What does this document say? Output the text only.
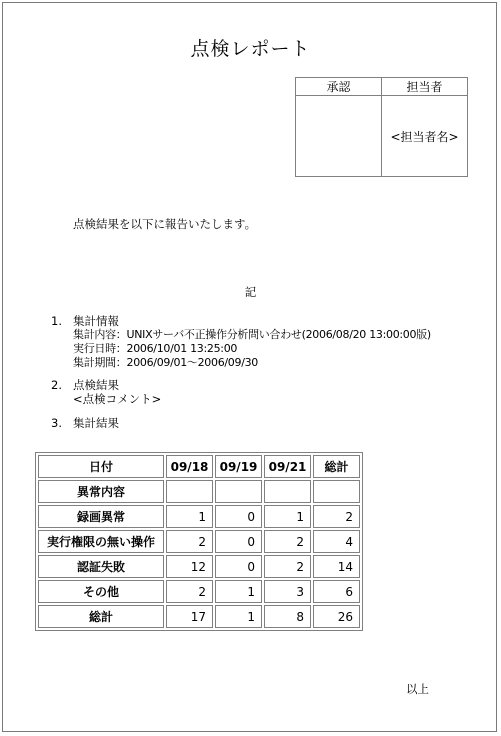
点検レポート
承認	担当者
	<担当者名>
点検結果を以下に報告いたします。
記
1. 集計情報
集計内容：UNIXサーバ不正操作分析問い合わせ(2006/08/20 13:00:00版)
実行日時：2006/10/01 13:25:00
集計期間：2006/09/01～2006/09/30
2. 点検結果
<点検コメント>
3. 集計結果
日付	09/18	09/19	09/21	総計
異常内容				
録画異常	1	0	1	2
実行権限の無い操作	2	0	2	4
認証失敗	12	0	2	14
その他	2	1	3	6
総計	17	1	8	26
以上
